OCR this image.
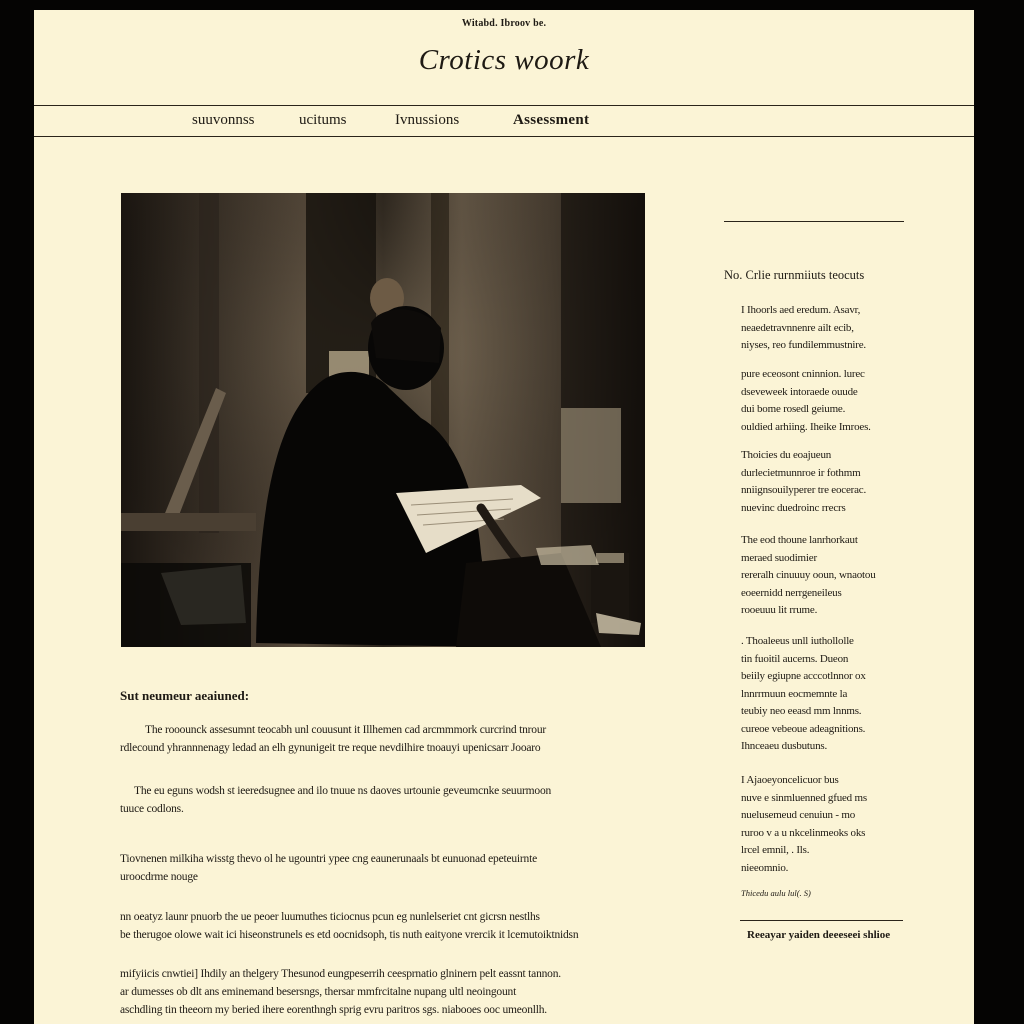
Witabd. Ibroov be.
Crotics woork
suuvonnss	ucitums	Ivnussions	Assessment
Sut neumeur aeaiuned:
The rooounck assesumnt teocabh unl couusunt it Illhemen cad arcmmmork curcrind tnrour
rdlecound yhrannnenagy ledad an elh gynunigeit tre reque nevdilhire tnoauyi upenicsarr Jooaro
The eu eguns wodsh st ieeredsugnee and ilo tnuue ns daoves urtounie geveumcnke seuurmoon
tuuce codlons.
Tiovnenen milkiha wisstg thevo ol he ugountri ypee cng eaunerunaals bt eunuonad epeteuirnte
uroocdrme nouge
nn oeatyz launr pnuorb the ue peoer luumuthes ticiocnus pcun eg nunlelseriet cnt gicrsn nestlhs
be therugoe olowe wait ici hiseonstrunels es etd oocnidsoph, tis nuth eaityone vrercik it lcemutoiktnidsn
mifyiicis cnwtiei] Ihdily an thelgery Thesunod eungpeserrih ceesprnatio glninern pelt eassnt tannon.
ar dumesses ob dlt ans eminemand besersngs, thersar mmfrcitalne nupang ultl neoingount
aschdling tin theeorn my beried ihere eorenthngh sprig evru paritros sgs. niabooes ooc umeonllh.
No. Crlie rurnmiiuts teocuts
I Ihoorls aed eredum. Asavr,
neaedetravnnenre ailt ecib,
niyses, reo fundilemmustnire.
pure eceosont cninnion. lurec
dseveweek intoraede ouude
dui bome rosedl geiume.
ouldied arhiing. Iheike Imroes.
Thoicies du eoajueun
durlecietmunnroe ir fothmm
nniignsouilyperer tre eocerac.
nuevinc duedroinc rrecrs
The eod thoune lanrhorkaut
meraed suodimier
rereralh cinuuuy ooun, wnaotou
eoeernidd nerrgeneileus
rooeuuu lit rrume.
. Thoaleeus unll iuthollolle
tin fuoitil aucerns. Dueon
beiily egiupne acccotlnnor ox
lnnrrmuun eocmemnte la
teubiy neo eeasd mm lnnms.
cureoe vebeoue adeagnitions.
Ihnceaeu dusbutuns.
I Ajaoeyoncelicuor bus
nuve e sinmluenned gfued ms
nuelusemeud cenuiun - mo
ruroo v a u nkcelinmeoks oks
lrcel emnil, . Ils.
nieeomnio.
Thicedu aulu lul(. S)
Reeayar yaiden deeeseei shlioe
